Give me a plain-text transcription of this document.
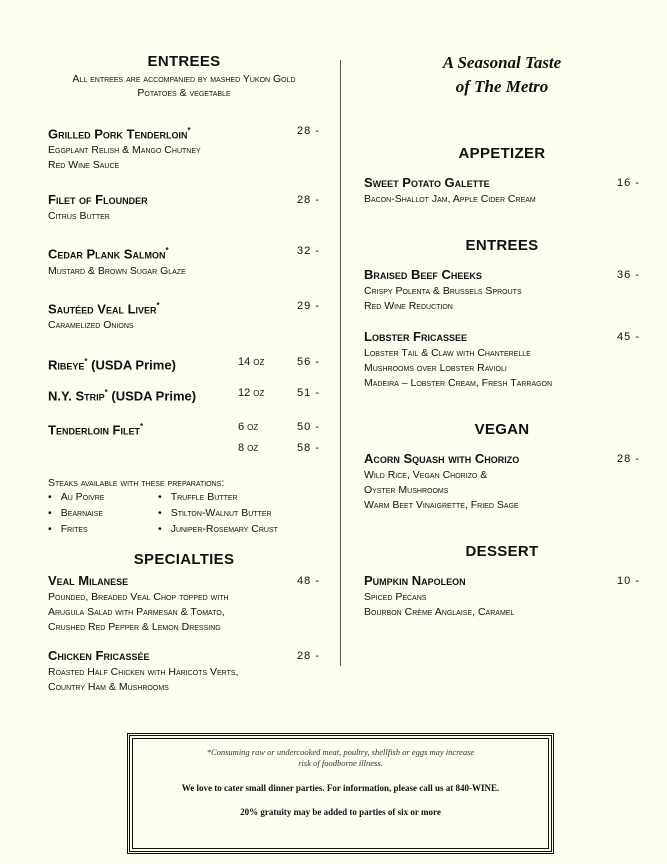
ENTREES
All entrees are accompanied by mashed Yukon Gold Potatoes & vegetable
Grilled Pork Tenderloin*	28 -
Eggplant Relish & Mango Chutney
Red Wine Sauce
Filet of Flounder	28 -
Citrus Butter
Cedar Plank Salmon*	32 -
Mustard & Brown Sugar Glaze
Sautéed Veal Liver*	29 -
Caramelized Onions
Ribeye* (USDA Prime)	14 oz	56 -
N.Y. Strip* (USDA Prime)	12 oz	51 -
Tenderloin Filet*	6 oz	50 -
8 oz	58 -
Steaks available with these preparations:
• Au Poivre
• Bearnaise
• Frites
• Truffle Butter
• Stilton-Walnut Butter
• Juniper-Rosemary Crust
SPECIALTIES
Veal Milanese	48 -
Pounded, Breaded Veal Chop topped with
Arugula Salad with Parmesan & Tomato,
Crushed Red Pepper & Lemon Dressing
Chicken Fricassée	28 -
Roasted Half Chicken with Haricots Verts,
Country Ham & Mushrooms
A Seasonal Taste
of The Metro
APPETIZER
Sweet Potato Galette	16 -
Bacon-Shallot Jam, Apple Cider Cream
ENTREES
Braised Beef Cheeks	36 -
Crispy Polenta & Brussels Sprouts
Red Wine Reduction
Lobster Fricassee	45 -
Lobster Tail & Claw with Chanterelle
Mushrooms over Lobster Ravioli
Madeira – Lobster Cream, Fresh Tarragon
VEGAN
Acorn Squash with Chorizo	28 -
Wild Rice, Vegan Chorizo &
Oyster Mushrooms
Warm Beet Vinaigrette, Fried Sage
DESSERT
Pumpkin Napoleon	10 -
Spiced Pecans
Bourbon Crème Anglaise, Caramel
*Consuming raw or undercooked meat, poultry, shellfish or eggs may increase risk of foodborne illness.
We love to cater small dinner parties. For information, please call us at 840-WINE.
20% gratuity may be added to parties of six or more
